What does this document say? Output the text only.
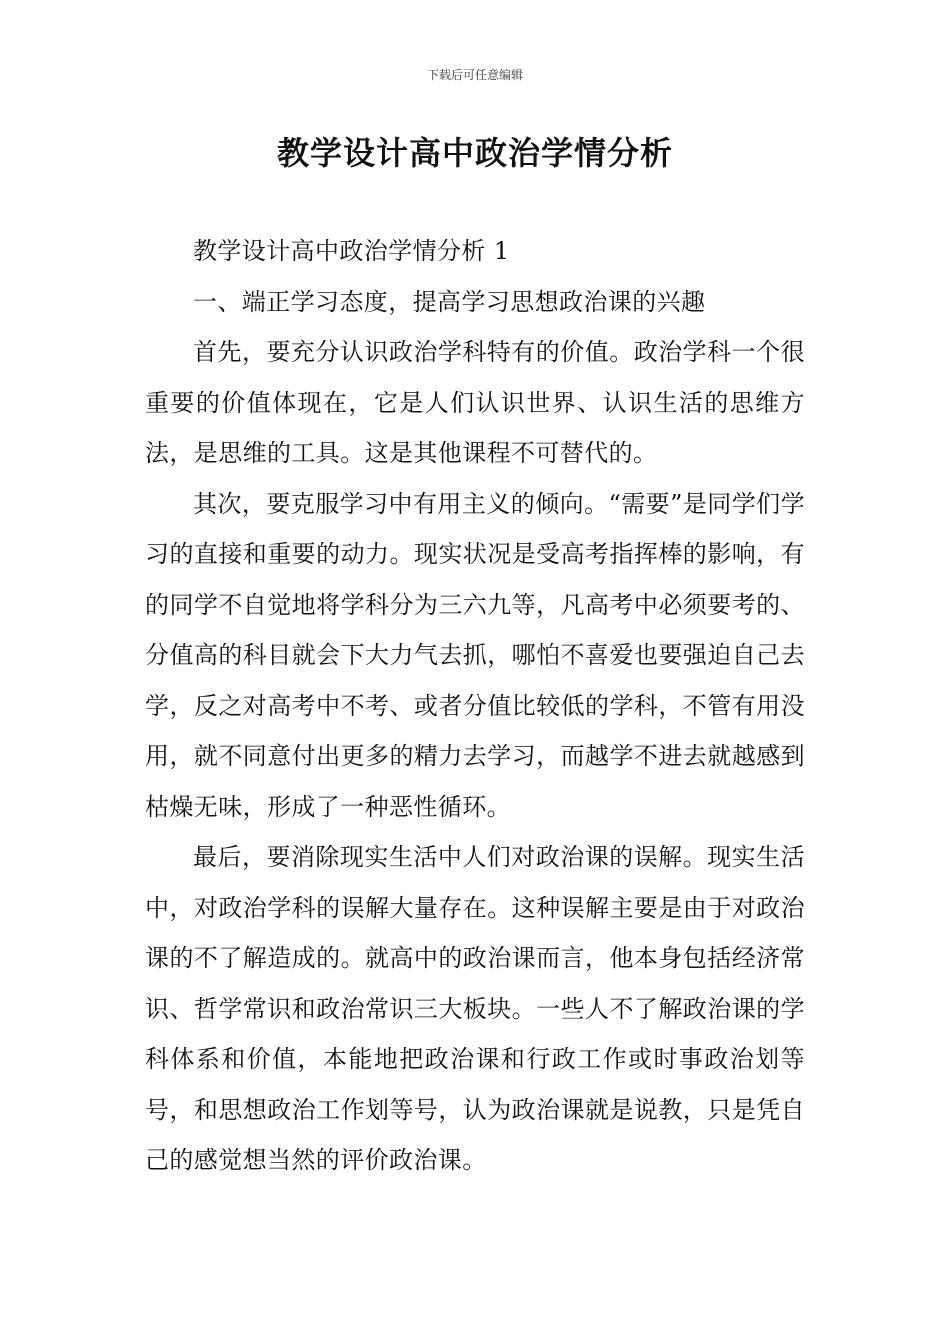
下载后可任意编辑
教学设计高中政治学情分析

教学设计高中政治学情分析 1

一、端正学习态度，提高学习思想政治课的兴趣

首先，要充分认识政治学科特有的价值。政治学科一个很重要的价值体现在，它是人们认识世界、认识生活的思维方法，是思维的工具。这是其他课程不可替代的。

其次，要克服学习中有用主义的倾向。“需要”是同学们学习的直接和重要的动力。现实状况是受高考指挥棒的影响，有的同学不自觉地将学科分为三六九等，凡高考中必须要考的、分值高的科目就会下大力气去抓，哪怕不喜爱也要强迫自己去学，反之对高考中不考、或者分值比较低的学科，不管有用没用，就不同意付出更多的精力去学习，而越学不进去就越感到枯燥无味，形成了一种恶性循环。

最后，要消除现实生活中人们对政治课的误解。现实生活中，对政治学科的误解大量存在。这种误解主要是由于对政治课的不了解造成的。就高中的政治课而言，他本身包括经济常识、哲学常识和政治常识三大板块。一些人不了解政治课的学科体系和价值，本能地把政治课和行政工作或时事政治划等号，和思想政治工作划等号，认为政治课就是说教，只是凭自己的感觉想当然的评价政治课。
